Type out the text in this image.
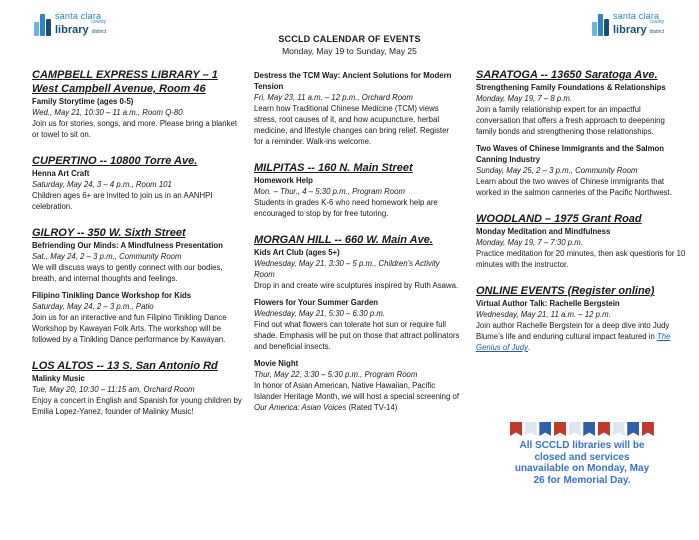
santa clara
county
library district
santa clara
county
library district
SCCLD CALENDAR OF EVENTS
Monday, May 19 to Sunday, May 25
CAMPBELL EXPRESS LIBRARY – 1 West Campbell Avenue, Room 46
Family Storytime (ages 0-5)
Wed., May 21, 10:30 – 11 a.m., Room Q-80
Join us for stories, songs, and more. Please bring a blanket or towel to sit on.
CUPERTINO -- 10800 Torre Ave.
Henna Art Craft
Saturday, May 24, 3 – 4 p.m., Room 101
Children ages 6+ are invited to join us in an AANHPI celebration.
GILROY -- 350 W. Sixth Street
Befriending Our Minds: A Mindfulness Presentation
Sat., May 24, 2 – 3 p.m., Community Room
We will discuss ways to gently connect with our bodies, breath, and internal thoughts and feelings.
Filipino Tinikling Dance Workshop for Kids
Saturday, May 24, 2 – 3 p.m., Patio
Join us for an interactive and fun Filipino Tinikling Dance Workshop by Kawayan Folk Arts. The workshop will be followed by a Tinikling Dance performance by Kawayan.
LOS ALTOS -- 13 S. San Antonio Rd
Malinky Music
Tue, May 20, 10:30 – 11:15 am, Orchard Room
Enjoy a concert in English and Spanish for young children by Emilia Lopez-Yanez, founder of Malinky Music!
Destress the TCM Way: Ancient Solutions for Modern Tension
Fri, May 23, 11 a.m. – 12 p.m., Orchard Room
Learn how Traditional Chinese Medicine (TCM) views stress, root causes of it, and how acupuncture, herbal medicine, and lifestyle changes can bring relief. Register for a reminder. Walk-ins welcome.
MILPITAS -- 160 N. Main Street
Homework Help
Mon. – Thur., 4 – 5:30 p.m., Program Room
Students in grades K-6 who need homework help are encouraged to stop by for free tutoring.
MORGAN HILL -- 660 W. Main Ave.
Kids Art Club (ages 5+)
Wednesday, May 21, 3:30 – 5 p.m., Children’s Activity Room
Drop in and create wire sculptures inspired by Ruth Asawa.
Flowers for Your Summer Garden
Wednesday, May 21, 5:30 – 6:30 p.m.
Find out what flowers can tolerate hot sun or require full shade. Emphasis will be put on those that attract pollinators and beneficial insects.
Movie Night
Thur, May 22, 3:30 – 5:30 p.m., Program Room
In honor of Asian American, Native Hawaiian, Pacific Islander Heritage Month, we will host a special screening of Our America: Asian Voices (Rated TV-14)
SARATOGA -- 13650 Saratoga Ave.
Strengthening Family Foundations & Relationships
Monday, May 19, 7 – 8 p.m.
Join a family relationship expert for an impactful conversation that offers a fresh approach to deepening family bonds and strengthening those relationships.
Two Waves of Chinese Immigrants and the Salmon Canning Industry
Sunday, May 25, 2 – 3 p.m., Community Room
Learn about the two waves of Chinese immigrants that worked in the salmon canneries of the Pacific Northwest.
WOODLAND – 1975 Grant Road
Monday Meditation and Mindfulness
Monday, May 19, 7 – 7:30 p.m.
Practice meditation for 20 minutes, then ask questions for 10 minutes with the instructor.
ONLINE EVENTS (Register online)
Virtual Author Talk: Rachelle Bergstein
Wednesday, May 21, 11 a.m. – 12 p.m.
Join author Rachelle Bergstein for a deep dive into Judy Blume’s life and enduring cultural impact featured in The Genius of Judy.
All SCCLD libraries will be closed and services unavailable on Monday, May 26 for Memorial Day.
